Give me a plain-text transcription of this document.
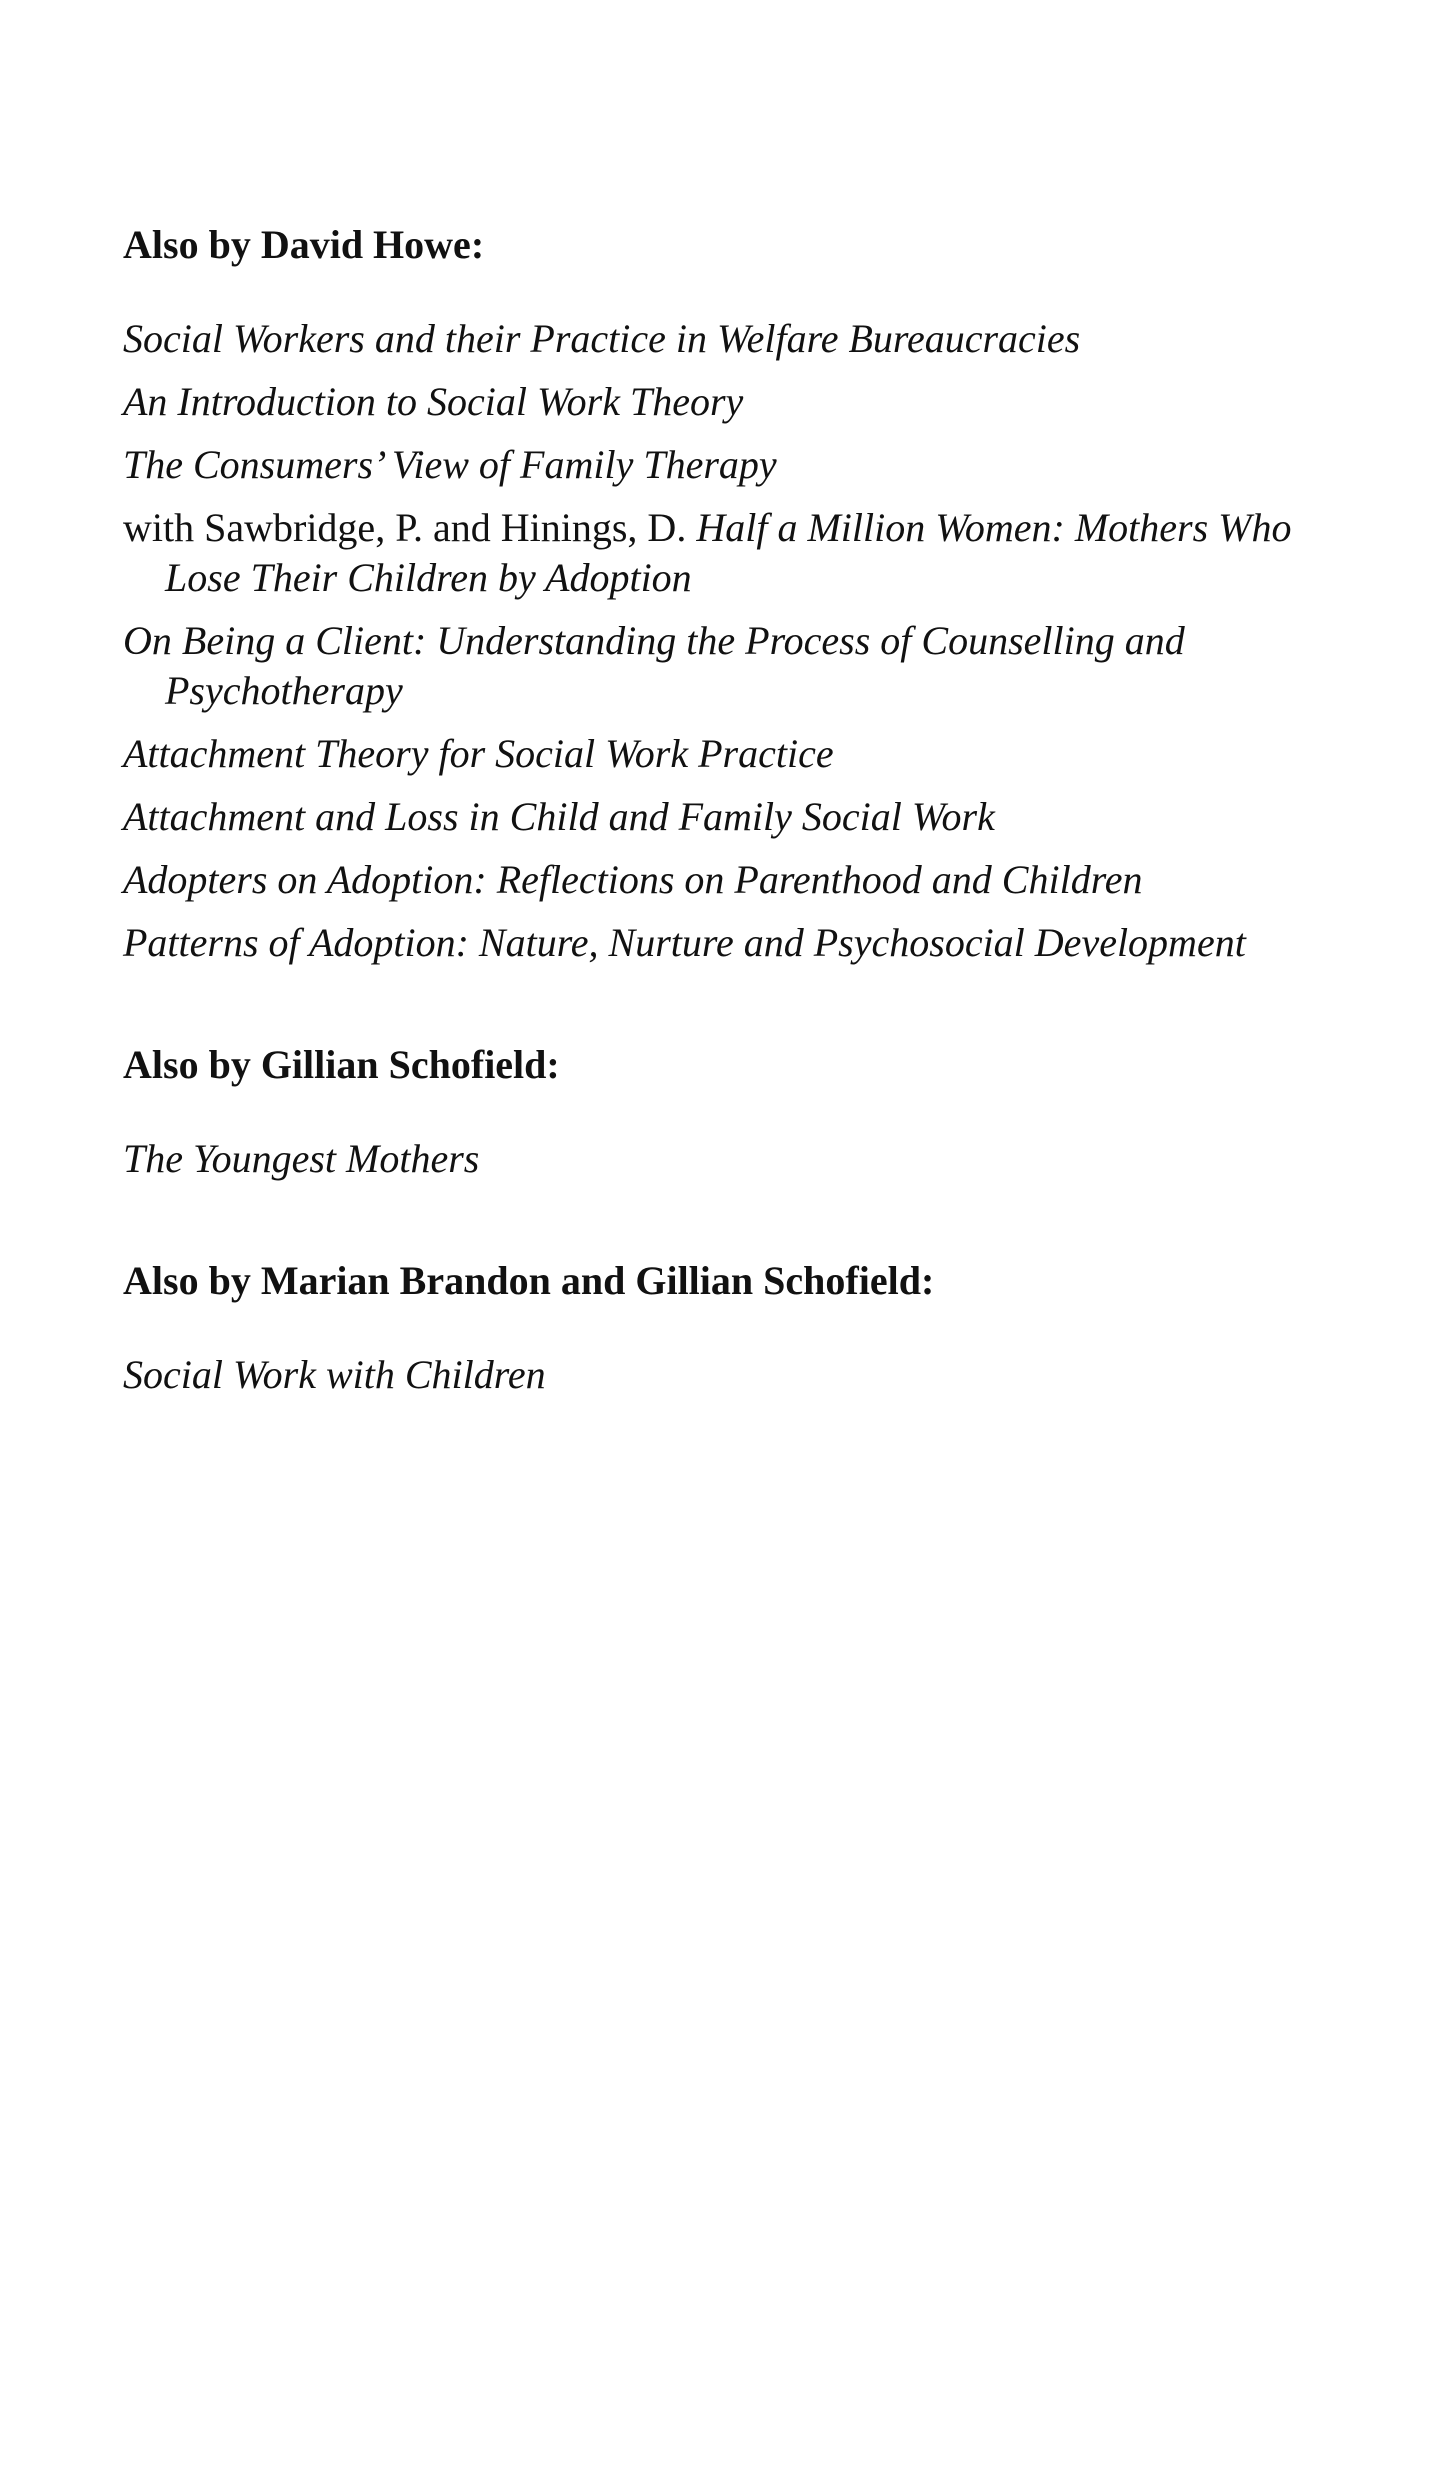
Also by David Howe:
Social Workers and their Practice in Welfare Bureaucracies
An Introduction to Social Work Theory
The Consumers’ View of Family Therapy
with Sawbridge, P. and Hinings, D. Half a Million Women: Mothers Who Lose Their Children by Adoption
On Being a Client: Understanding the Process of Counselling and Psychotherapy
Attachment Theory for Social Work Practice
Attachment and Loss in Child and Family Social Work
Adopters on Adoption: Reflections on Parenthood and Children
Patterns of Adoption: Nature, Nurture and Psychosocial Development
Also by Gillian Schofield:
The Youngest Mothers
Also by Marian Brandon and Gillian Schofield:
Social Work with Children
